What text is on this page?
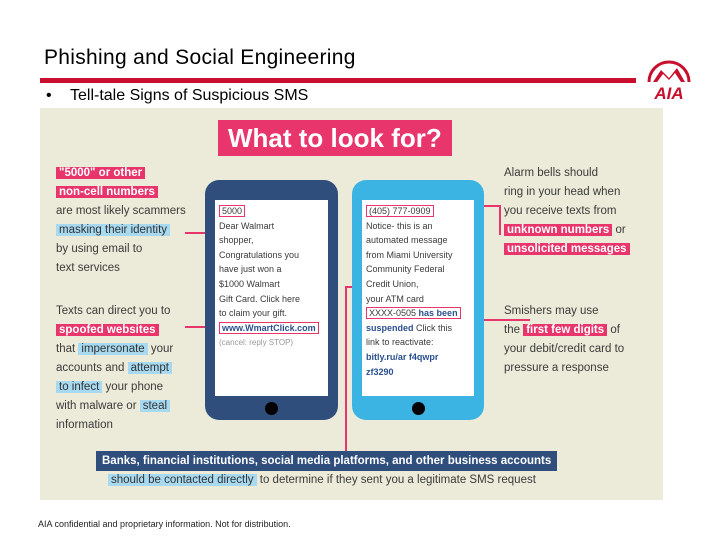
Phishing and Social Engineering
AIA
• Tell-tale Signs of Suspicious SMS
What to look for?
"5000" or other
non-cell numbers
are most likely scammers
masking their identity
by using email to
text services
Texts can direct you to
spoofed websites
that impersonate your
accounts and attempt
to infect your phone
with malware or steal
information
5000
Dear Walmart
shopper,
Congratulations you
have just won a
$1000 Walmart
Gift Card. Click here
to claim your gift.
www.WmartClick.com
(cancel: reply STOP)
(405) 777-0909
Notice- this is an
automated message
from Miami University
Community Federal
Credit Union,
your ATM card
XXXX-0505 has been
suspended Click this
link to reactivate:
bitly.ru/ar f4qwpr
zf3290
Alarm bells should
ring in your head when
you receive texts from
unknown numbers or
unsolicited messages
Smishers may use
the first few digits of
your debit/credit card to
pressure a response
Banks, financial institutions, social media platforms, and other business accounts
should be contacted directly to determine if they sent you a legitimate SMS request
AIA confidential and proprietary information. Not for distribution.
